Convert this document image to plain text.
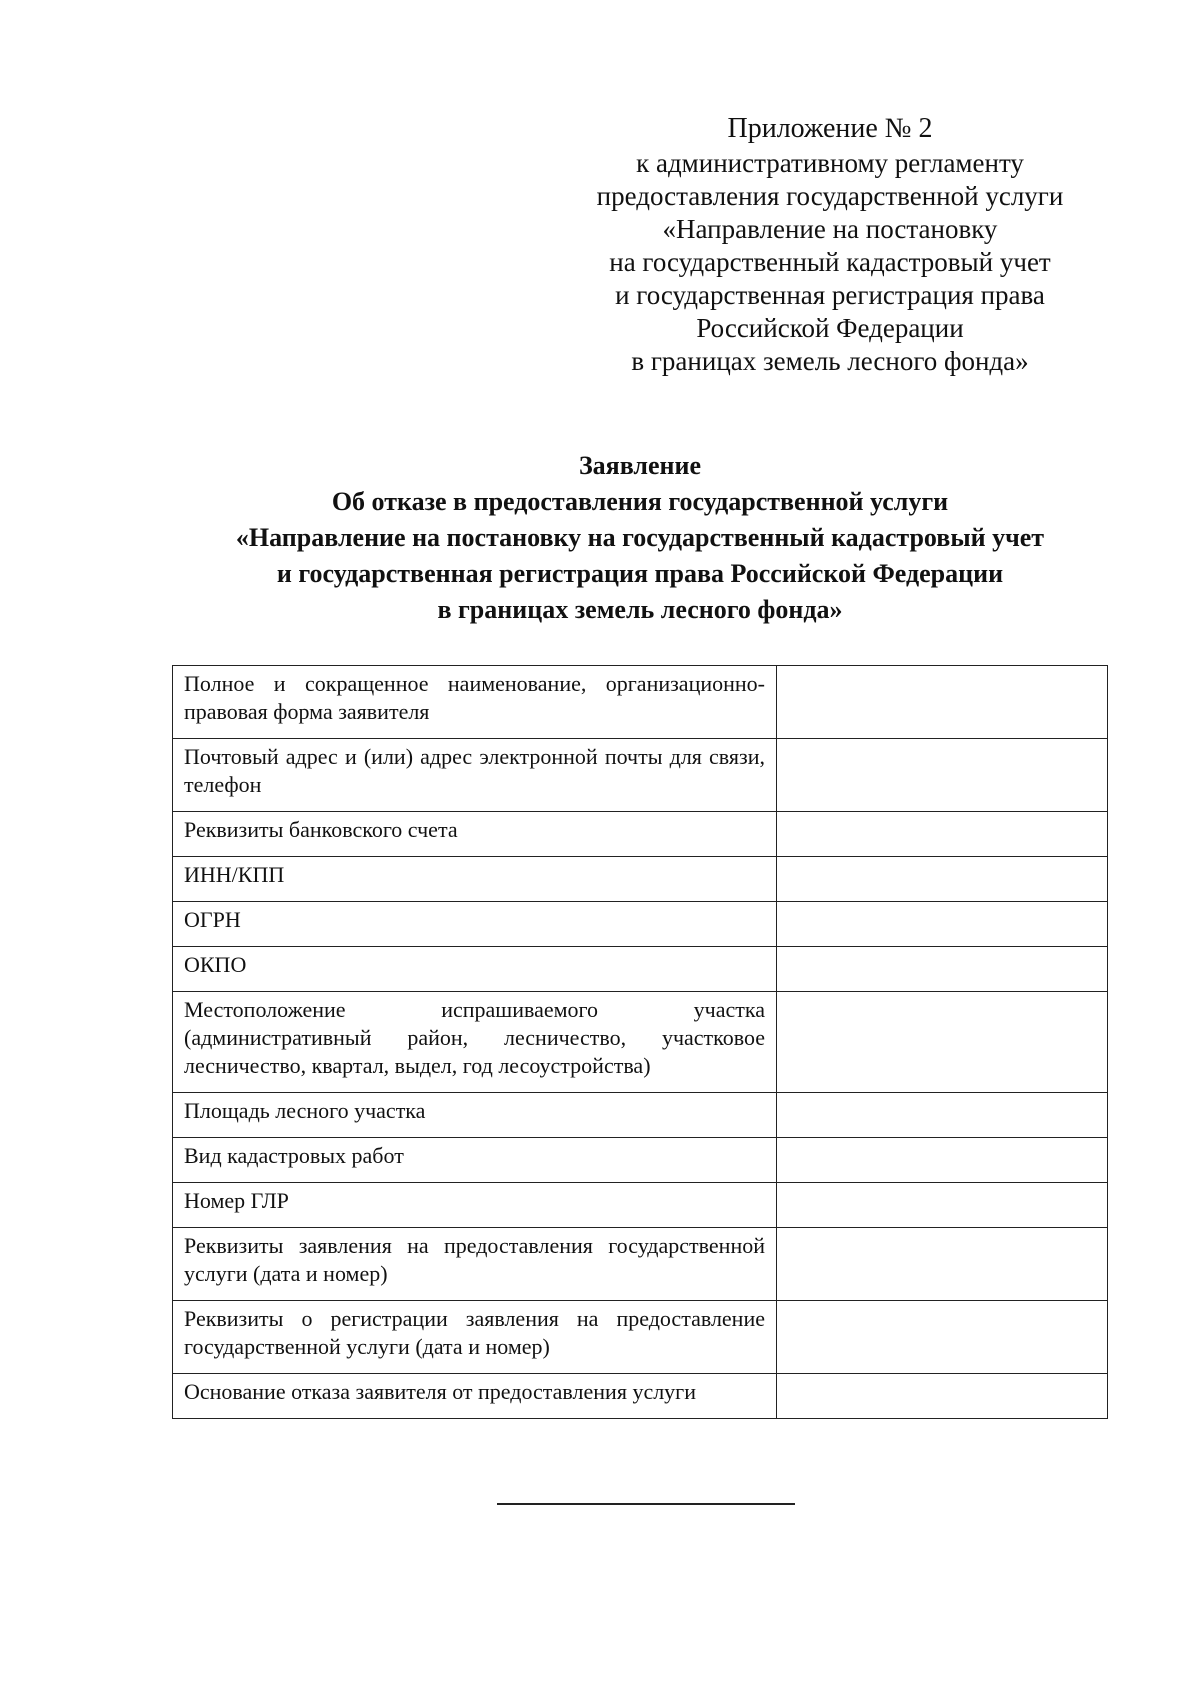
Приложение № 2
к административному регламенту
предоставления государственной услуги
«Направление на постановку
на государственный кадастровый учет
и государственная регистрация права
Российской Федерации
в границах земель лесного фонда»
Заявление
Об отказе в предоставления государственной услуги
«Направление на постановку на государственный кадастровый учет
и государственная регистрация права Российской Федерации
в границах земель лесного фонда»
Полное и сокращенное наименование, организационно-правовая форма заявителя	
Почтовый адрес и (или) адрес электронной почты для связи, телефон	
Реквизиты банковского счета	
ИНН/КПП	
ОГРН	
ОКПО	
Местоположение испрашиваемого участка (административный район, лесничество, участковое лесничество, квартал, выдел, год лесоустройства)	
Площадь лесного участка	
Вид кадастровых работ	
Номер ГЛР	
Реквизиты заявления на предоставления государственной услуги (дата и номер)	
Реквизиты о регистрации заявления на предоставление государственной услуги (дата и номер)	
Основание отказа заявителя от предоставления услуги	
